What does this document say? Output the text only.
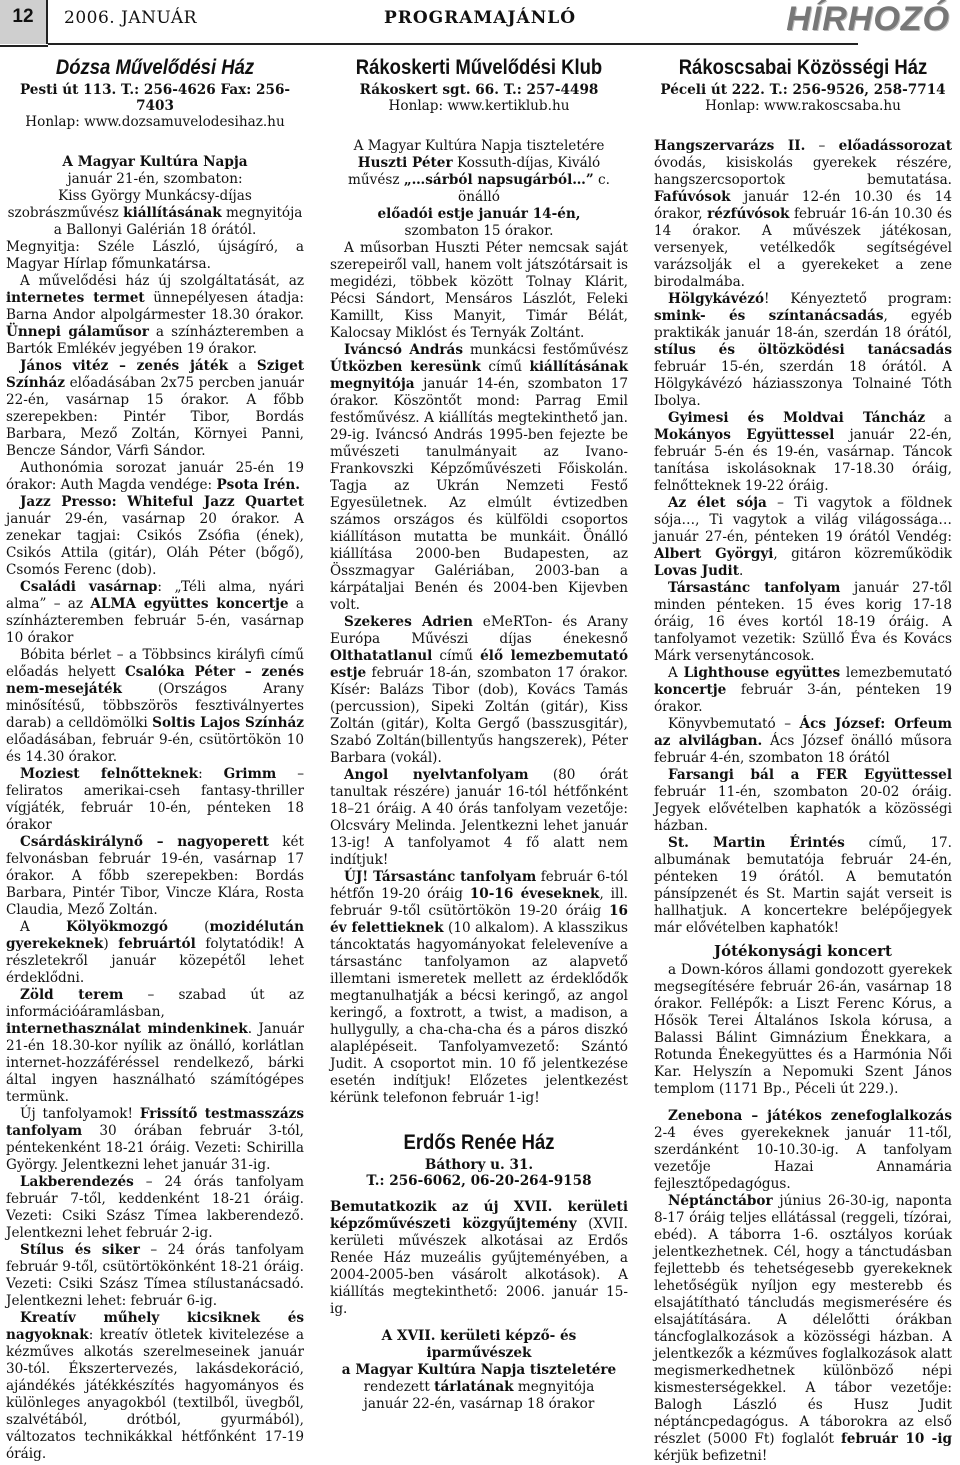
12	2006. JANUÁR	PROGRAMAJÁNLÓ	HÍRHOZÓ
Dózsa Művelődési Ház
Pesti út 113. T.: 256-4626 Fax: 256-7403
Honlap: www.dozsamuvelodesihaz.hu
A Magyar Kultúra Napja
január 21-én, szombaton:
Kiss György Munkácsy-díjas
szobrászművész kiállításának megnyitója
a Ballonyi Galérián 18 órától.

Megnyitja: Széle László, újságíró, a Magyar Hírlap főmunkatársa.

A művelődési ház új szolgáltatását, az internetes termet ünnepélyesen átadja: Barna Andor alpolgármester 18.30 órakor. Ünnepi gálaműsor a színházteremben a Bartók Emlékév jegyében 19 órakor.

János vitéz – zenés játék a Sziget Színház előadásában 2x75 percben január 22-én, vasárnap 15 órakor. A főbb szerepekben: Pintér Tibor, Bordás Barbara, Mező Zoltán, Környei Panni, Bencze Sándor, Várfi Sándor.

Authonómia sorozat január 25-én 19 órakor: Auth Magda vendége: Psota Irén.

Jazz Presso: Whiteful Jazz Quartet január 29-én, vasárnap 20 órakor. A zenekar tagjai: Csikós Zsófia (ének), Csikós Attila (gitár), Oláh Péter (bőgő), Csomós Ferenc (dob).

Családi vasárnap: „Téli alma, nyári alma” – az ALMA együttes koncertje a színházteremben február 5-én, vasárnap 10 órakor

Bóbita bérlet – a Többsincs királyfi című előadás helyett Csalóka Péter – zenés nem-mesejáték (Országos Arany minősítésű, többszörös fesztiválnyertes darab) a celldömölki Soltis Lajos Színház előadásában, február 9-én, csütörtökön 10 és 14.30 órakor.

Moziest felnőtteknek: Grimm – feliratos amerikai-cseh fantasy-thriller vígjáték, február 10-én, pénteken 18 órakor

Csárdáskirálynő – nagyoperett két felvonásban február 19-én, vasárnap 17 órakor. A főbb szerepekben: Bordás Barbara, Pintér Tibor, Vincze Klára, Rosta Claudia, Mező Zoltán.

A Kölyökmozgó (mozidélután gyerekeknek) februártól folytatódik! A részletekről január közepétől lehet érdeklődni.

Zöld terem – szabad út az információáramlásban, internethasználat mindenkinek. Január 21-én 18.30-kor nyílik az önálló, korlátlan internet-hozzáféréssel rendelkező, bárki által ingyen használható számítógépes termünk.

Új tanfolyamok! Frissítő testmasszázs tanfolyam 30 órában február 3-tól, péntekenként 18-21 óráig. Vezeti: Schirilla György. Jelentkezni lehet január 31-ig.

Lakberendezés – 24 órás tanfolyam február 7-től, keddenként 18-21 óráig. Vezeti: Csiki Szász Tímea lakberendező. Jelentkezni lehet február 2-ig.

Stílus és siker – 24 órás tanfolyam február 9-től, csütörtökönként 18-21 óráig. Vezeti: Csiki Szász Tímea stílustanácsadó. Jelentkezni lehet: február 6-ig.

Kreatív műhely kicsiknek és nagyoknak: kreatív ötletek kivitelezése a kézműves alkotás szerelmeseinek január 30-tól. Ékszertervezés, lakásdekoráció, ajándékés játékkészítés hagyományos és különleges anyagokból (textilből, üvegből, szalvétából, drótból, gyurmából), változatos technikákkal hétfőnként 17-19 óráig.

Rákoskerti Művelődési Klub
Rákoskert sgt. 66. T.: 257-4498
Honlap: www.kertiklub.hu

A Magyar Kultúra Napja tiszteletére Huszti Péter Kossuth-díjas, Kiváló művész „…sárból napsugárból…” c. önálló
előadói estje január 14-én,
szombaton 15 órakor.

A műsorban Huszti Péter nemcsak saját szerepeiről vall, hanem volt játszótársait is megidézi, többek között Tolnay Klárit, Pécsi Sándort, Mensáros Lászlót, Feleki Kamillt, Kiss Manyit, Timár Bélát, Kalocsay Miklóst és Ternyák Zoltánt.

Iváncsó András munkácsi festőművész Útközben keresünk című kiállításának megnyitója január 14-én, szombaton 17 órakor. Köszöntőt mond: Parrag Emil festőművész. A kiállítás megtekinthető jan. 29-ig. Iváncsó András 1995-ben fejezte be művészeti tanulmányait az Ivano-Frankovszki Képzőművészeti Főiskolán. Tagja az Ukrán Nemzeti Festő Egyesületnek. Az elmúlt évtizedben számos országos és külföldi csoportos kiállításon mutatta be munkáit. Önálló kiállítása 2000-ben Budapesten, az Összmagyar Galériában, 2003-ban a kárpátaljai Benén és 2004-ben Kijevben volt.

Szekeres Adrien eMeRTon- és Arany Európa Művészi díjas énekesnő Olthatatlanul című élő lemezbemutató estje február 18-án, szombaton 17 órakor. Kísér: Balázs Tibor (dob), Kovács Tamás (percussion), Sipeki Zoltán (gitár), Kiss Zoltán (gitár), Kolta Gergő (basszusgitár), Szabó Zoltán(billentyűs hangszerek), Péter Barbara (vokál).

Angol nyelvtanfolyam (80 órát tanultak részére) január 16-tól hétfőnként 18–21 óráig. A 40 órás tanfolyam vezetője: Olcsváry Melinda. Jelentkezni lehet január 13-ig! A tanfolyamot 4 fő alatt nem indítjuk!

ÚJ! Társastánc tanfolyam február 6-tól hétfőn 19-20 óráig 10-16 éveseknek, ill. február 9-től csütörtökön 19-20 óráig 16 év felettieknek (10 alkalom). A klasszikus táncoktatás hagyományokat feleleveníve a társastánc tanfolyamon az alapvető illemtani ismeretek mellett az érdeklődők megtanulhatják a bécsi keringő, az angol keringő, a foxtrott, a twist, a madison, a hullygully, a cha-cha-cha és a páros diszkó alaplépéseit. Tanfolyamvezető: Szántó Judit. A csoportot min. 10 fő jelentkezése esetén indítjuk! Előzetes jelentkezést kérünk telefonon február 1-ig!

Erdős Renée Ház
Báthory u. 31.
T.: 256-6062, 06-20-264-9158

Bemutatkozik az új XVII. kerületi képzőművészeti közgyűjtemény (XVII. kerületi művészek alkotásai az Erdős Renée Ház muzeális gyűjteményében, a 2004-2005-ben vásárolt alkotások). A kiállítás megtekinthető: 2006. január 15-ig.

A XVII. kerületi képző- és
iparművészek
a Magyar Kultúra Napja tiszteletére
rendezett tárlatának megnyitója
január 22-én, vasárnap 18 órakor
Rákoscsabai Közösségi Ház
Péceli út 222. T.: 256-9526, 258-7714
Honlap: www.rakoscsaba.hu

Hangszervarázs II. – előadássorozat óvodás, kisiskolás gyerekek részére, hangszercsoportok bemutatása. Fafúvósok január 12-én 10.30 és 14 órakor, rézfúvósok február 16-án 10.30 és 14 órakor. A művészek játékosan, versenyek, vetélkedők segítségével varázsolják el a gyerekeket a zene birodalmába.

Hölgykávézó! Kényeztető program: smink- és színtanácsadás, egyéb praktikák január 18-án, szerdán 18 órától, stílus és öltözködési tanácsadás február 15-én, szerdán 18 órától. A Hölgykávézó háziasszonya Tolnainé Tóth Ibolya.

Gyimesi és Moldvai Táncház a Mokányos Együttessel január 22-én, február 5-én és 19-én, vasárnap. Táncok tanítása iskolásoknak 17-18.30 óráig, felnőtteknek 19-22 óráig.

Az élet sója – Ti vagytok a földnek sója…, Ti vagytok a világ világossága… január 27-én, pénteken 19 órától Vendég: Albert Györgyi, gitáron közreműködik Lovas Judit.

Társastánc tanfolyam január 27-től minden pénteken. 15 éves korig 17-18 óráig, 16 éves kortól 18-19 óráig. A tanfolyamot vezetik: Szüllő Éva és Kovács Márk versenytáncosok.

A Lighthouse együttes lemezbemutató koncertje február 3-án, pénteken 19 órakor.

Könyvbemutató – Ács József: Orfeum az alvilágban. Ács József önálló műsora február 4-én, szombaton 18 órától

Farsangi bál a FER Együttessel február 11-én, szombaton 20-02 óráig. Jegyek elővételben kaphatók a közösségi házban.

St. Martin Érintés című, 17. albumának bemutatója február 24-én, pénteken 19 órától. A bemutatón pánsípzenét és St. Martin saját verseit is hallhatjuk. A koncertekre belépőjegyek már elővételben kaphatók!

Jótékonysági koncert

a Down-kóros állami gondozott gyerekek megsegítésére február 26-án, vasárnap 18 órakor. Fellépők: a Liszt Ferenc Kórus, a Hősök Terei Általános Iskola kórusa, a Balassi Bálint Gimnázium Énekkara, a Rotunda Énekegyüttes és a Harmónia Női Kar. Helyszín a Nepomuki Szent János templom (1171 Bp., Péceli út 229.).

Zenebona – játékos zenefoglalkozás 2-4 éves gyerekeknek január 11-től, szerdánként 10-10.30-ig. A tanfolyam vezetője Hazai Annamária fejlesztőpedagógus.

Néptánctábor június 26-30-ig, naponta 8-17 óráig teljes ellátással (reggeli, tízórai, ebéd). A táborra 1-6. osztályos korúak jelentkezhetnek. Cél, hogy a tánctudásban fejlettebb és tehetségesebb gyerekeknek lehetőségük nyíljon egy mesterebb és elsajátítható táncludás megismerésére és elsajátítására. A délelőtti órákban táncfoglalkozások a közösségi házban. A jelentkezők a kézműves foglalkozások alatt megismerkedhetnek különböző népi kismesterségekkel. A tábor vezetője: Balogh László és Husz Judit néptáncpedagógus. A táborokra az első részlet (5000 Ft) foglalót február 10 -ig kérjük befizetni!
